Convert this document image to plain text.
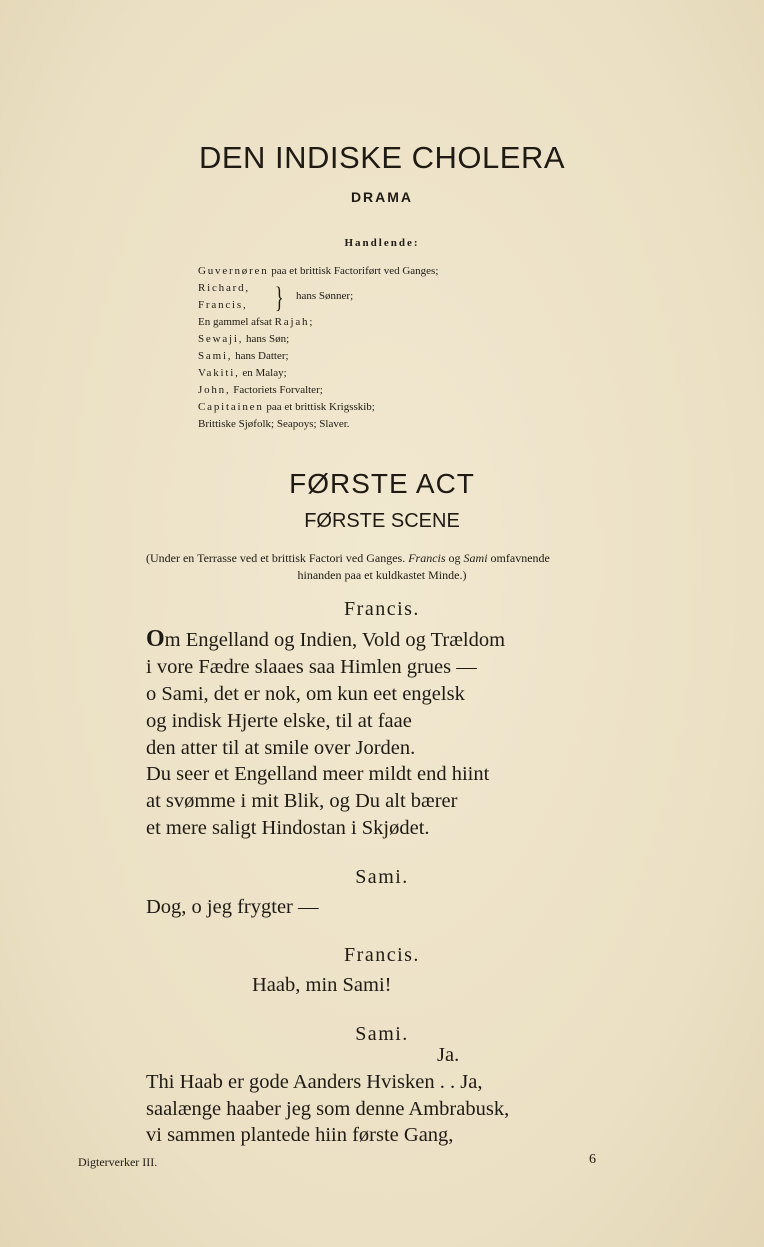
DEN INDISKE CHOLERA
DRAMA
Handlende:
Guvernøren paa et brittisk Factoriført ved Ganges;
Richard,
Francis, } hans Sønner;
En gammel afsat Rajah;
Sewaji, hans Søn;
Sami, hans Datter;
Vakiti, en Malay;
John, Factoriets Forvalter;
Capitainen paa et brittisk Krigsskib;
Brittiske Sjøfolk; Seapoys; Slaver.
FØRSTE ACT
FØRSTE SCENE
(Under en Terrasse ved et brittisk Factori ved Ganges. Francis og Sami omfavnende
hinanden paa et kuldkastet Minde.)
Francis.
Om Engelland og Indien, Vold og Trældom
i vore Fædre slaaes saa Himlen grues —
o Sami, det er nok, om kun eet engelsk
og indisk Hjerte elske, til at faae
den atter til at smile over Jorden.
Du seer et Engelland meer mildt end hiint
at svømme i mit Blik, og Du alt bærer
et mere saligt Hindostan i Skjødet.
Sami.
Dog, o jeg frygter —
Francis.
Haab, min Sami!
Sami.
Ja.
Thi Haab er gode Aanders Hvisken . . Ja,
saalænge haaber jeg som denne Ambrabusk,
vi sammen plantede hiin første Gang,
Digterverker III.	6
